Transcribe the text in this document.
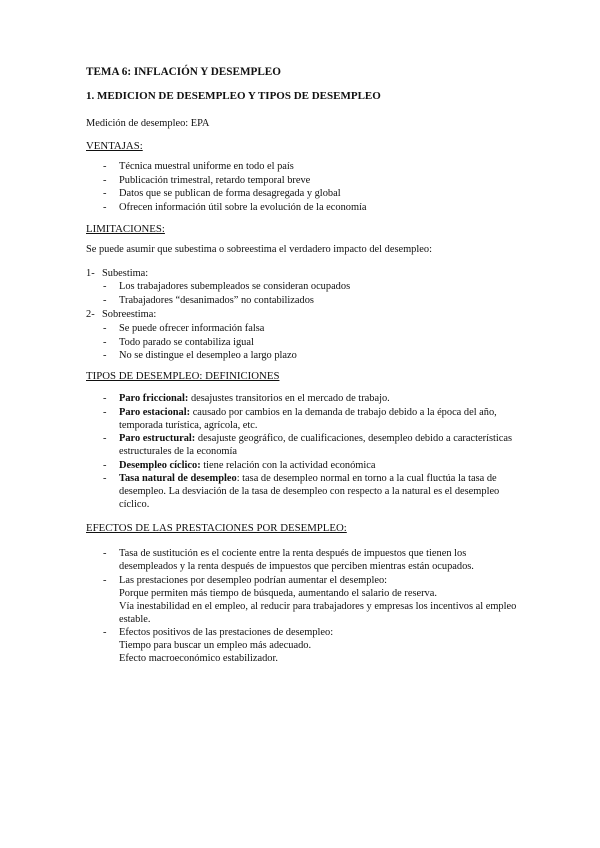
TEMA 6: INFLACIÓN Y DESEMPLEO
1. MEDICION DE DESEMPLEO Y TIPOS DE DESEMPLEO
Medición de desempleo: EPA
VENTAJAS:
- Técnica muestral uniforme en todo el país
- Publicación trimestral, retardo temporal breve
- Datos que se publican de forma desagregada y global
- Ofrecen información útil sobre la evolución de la economía
LIMITACIONES:
Se puede asumir que subestima o sobreestima el verdadero impacto del desempleo:
1- Subestima:
- Los trabajadores subempleados se consideran ocupados
- Trabajadores “desanimados” no contabilizados
2- Sobreestima:
- Se puede ofrecer información falsa
- Todo parado se contabiliza igual
- No se distingue el desempleo a largo plazo
TIPOS DE DESEMPLEO: DEFINICIONES
- Paro friccional: desajustes transitorios en el mercado de trabajo.
- Paro estacional: causado por cambios en la demanda de trabajo debido a la época del año, temporada turística, agrícola, etc.
- Paro estructural: desajuste geográfico, de cualificaciones, desempleo debido a características estructurales de la economía
- Desempleo cíclico: tiene relación con la actividad económica
- Tasa natural de desempleo: tasa de desempleo normal en torno a la cual fluctúa la tasa de desempleo. La desviación de la tasa de desempleo con respecto a la natural es el desempleo cíclico.
EFECTOS DE LAS PRESTACIONES POR DESEMPLEO:
- Tasa de sustitución es el cociente entre la renta después de impuestos que tienen los desempleados y la renta después de impuestos que perciben mientras están ocupados.
- Las prestaciones por desempleo podrían aumentar el desempleo:
Porque permiten más tiempo de búsqueda, aumentando el salario de reserva.
Vía inestabilidad en el empleo, al reducir para trabajadores y empresas los incentivos al empleo estable.
- Efectos positivos de las prestaciones de desempleo:
Tiempo para buscar un empleo más adecuado.
Efecto macroeconómico estabilizador.
